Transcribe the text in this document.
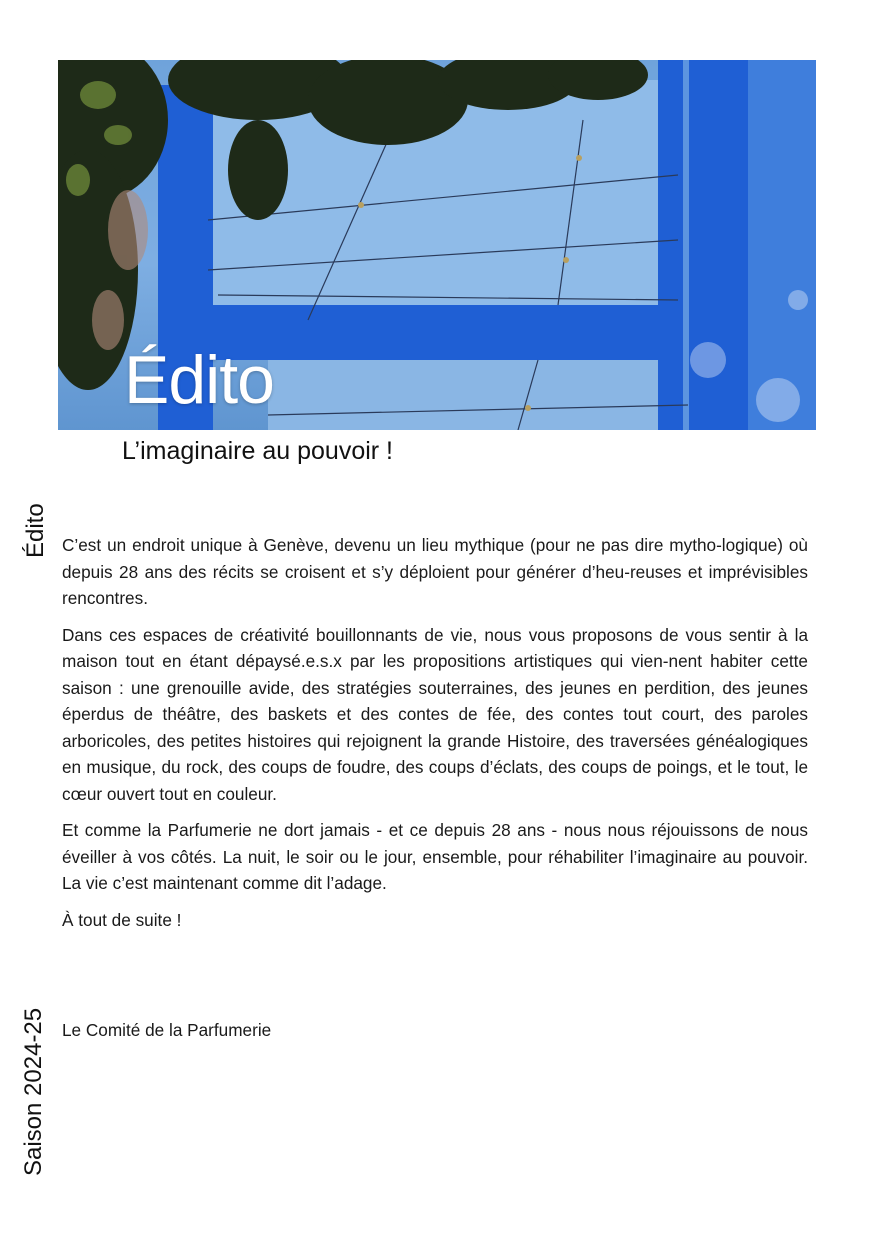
Édito
L’imaginaire au pouvoir !
Édito
Saison 2024-25

C’est un endroit unique à Genève, devenu un lieu mythique (pour ne pas dire mytho-logique) où depuis 28 ans des récits se croisent et s’y déploient pour générer d’heu-reuses et imprévisibles rencontres.

Dans ces espaces de créativité bouillonnants de vie, nous vous proposons de vous sentir à la maison tout en étant dépaysé.e.s.x par les propositions artistiques qui vien-nent habiter cette saison : une grenouille avide, des stratégies souterraines, des jeunes en perdition, des jeunes éperdus de théâtre, des baskets et des contes de fée, des contes tout court, des paroles arboricoles, des petites histoires qui rejoignent la grande Histoire, des traversées généalogiques en musique, du rock, des coups de foudre, des coups d’éclats, des coups de poings, et le tout, le cœur ouvert tout en couleur.

Et comme la Parfumerie ne dort jamais - et ce depuis 28 ans - nous nous réjouissons de nous éveiller à vos côtés. La nuit, le soir ou le jour, ensemble, pour réhabiliter l’imaginaire au pouvoir. La vie c’est maintenant comme dit l’adage.

À tout de suite !

Le Comité de la Parfumerie
